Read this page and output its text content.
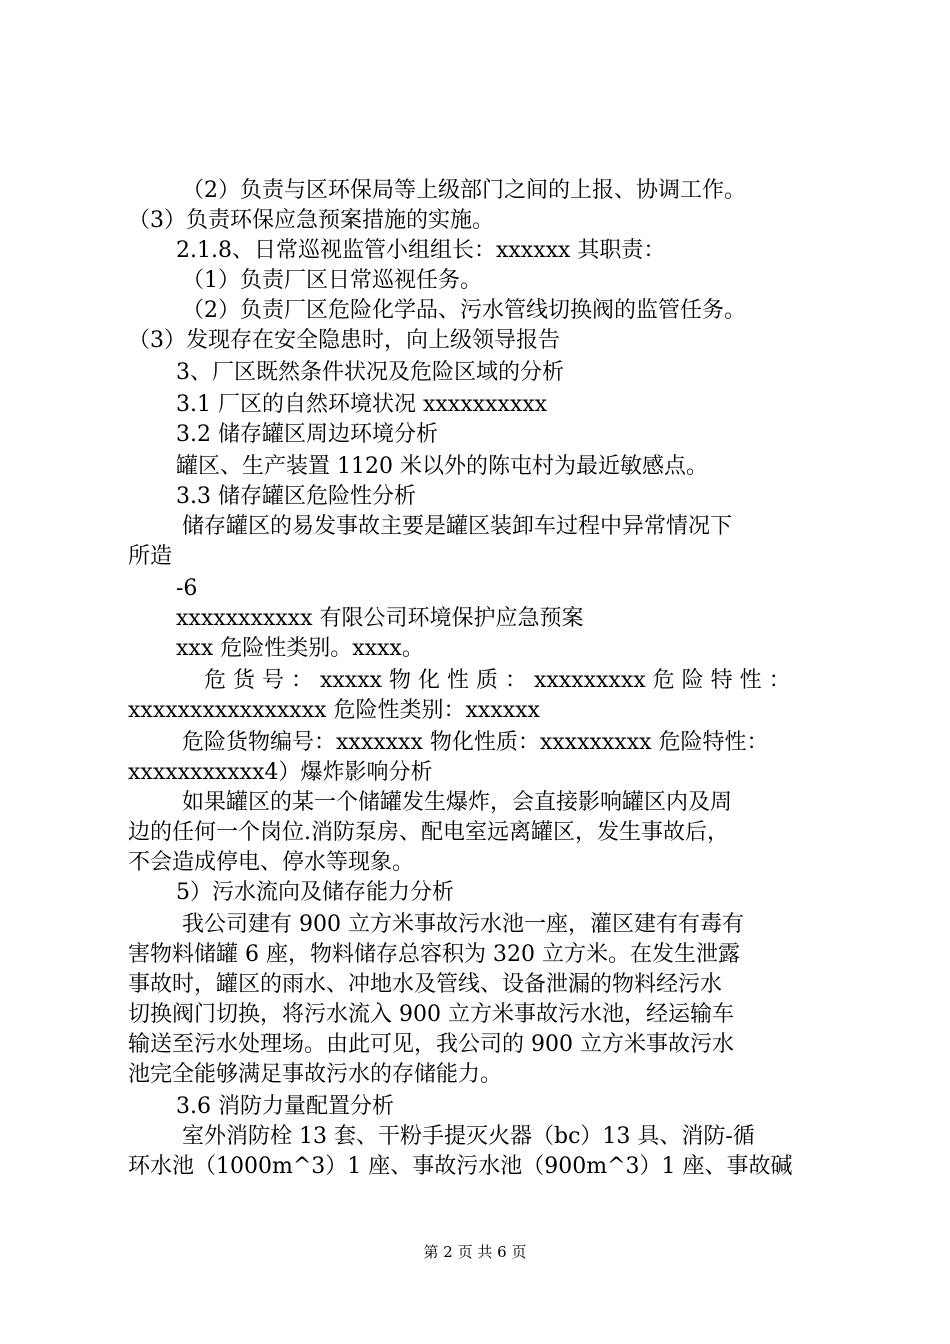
（2）负责与区环保局等上级部门之间的上报、协调工作。

（3）负责环保应急预案措施的实施。

2.1.8、日常巡视监管小组组长：xxxxxx 其职责：

（1）负责厂区日常巡视任务。

（2）负责厂区危险化学品、污水管线切换阀的监管任务。

（3）发现存在安全隐患时，向上级领导报告

3、厂区既然条件状况及危险区域的分析

3.1 厂区的自然环境状况 xxxxxxxxxx

3.2 储存罐区周边环境分析

罐区、生产装置 1120 米以外的陈屯村为最近敏感点。

3.3 储存罐区危险性分析

储存罐区的易发事故主要是罐区装卸车过程中异常情况下

所造

-6

xxxxxxxxxxx 有限公司环境保护应急预案

xxx 危险性类别。xxxx。

危 货 号 ： xxxxx 物 化 性 质 ： xxxxxxxxx 危 险 特 性 ：

xxxxxxxxxxxxxxxx 危险性类别：xxxxxx

危险货物编号：xxxxxxx 物化性质：xxxxxxxxx 危险特性：

xxxxxxxxxxx4）爆炸影响分析

如果罐区的某一个储罐发生爆炸，会直接影响罐区内及周

边的任何一个岗位.消防泵房、配电室远离罐区，发生事故后，

不会造成停电、停水等现象。

5）污水流向及储存能力分析

我公司建有 900 立方米事故污水池一座，灌区建有有毒有

害物料储罐 6 座，物料储存总容积为 320 立方米。在发生泄露

事故时，罐区的雨水、冲地水及管线、设备泄漏的物料经污水

切换阀门切换，将污水流入 900 立方米事故污水池，经运输车

输送至污水处理场。由此可见，我公司的 900 立方米事故污水

池完全能够满足事故污水的存储能力。

3.6 消防力量配置分析

室外消防栓 13 套、干粉手提灭火器（bc）13 具、消防-循

环水池（1000m^3）1 座、事故污水池（900m^3）1 座、事故碱

第 2 页 共 6 页
